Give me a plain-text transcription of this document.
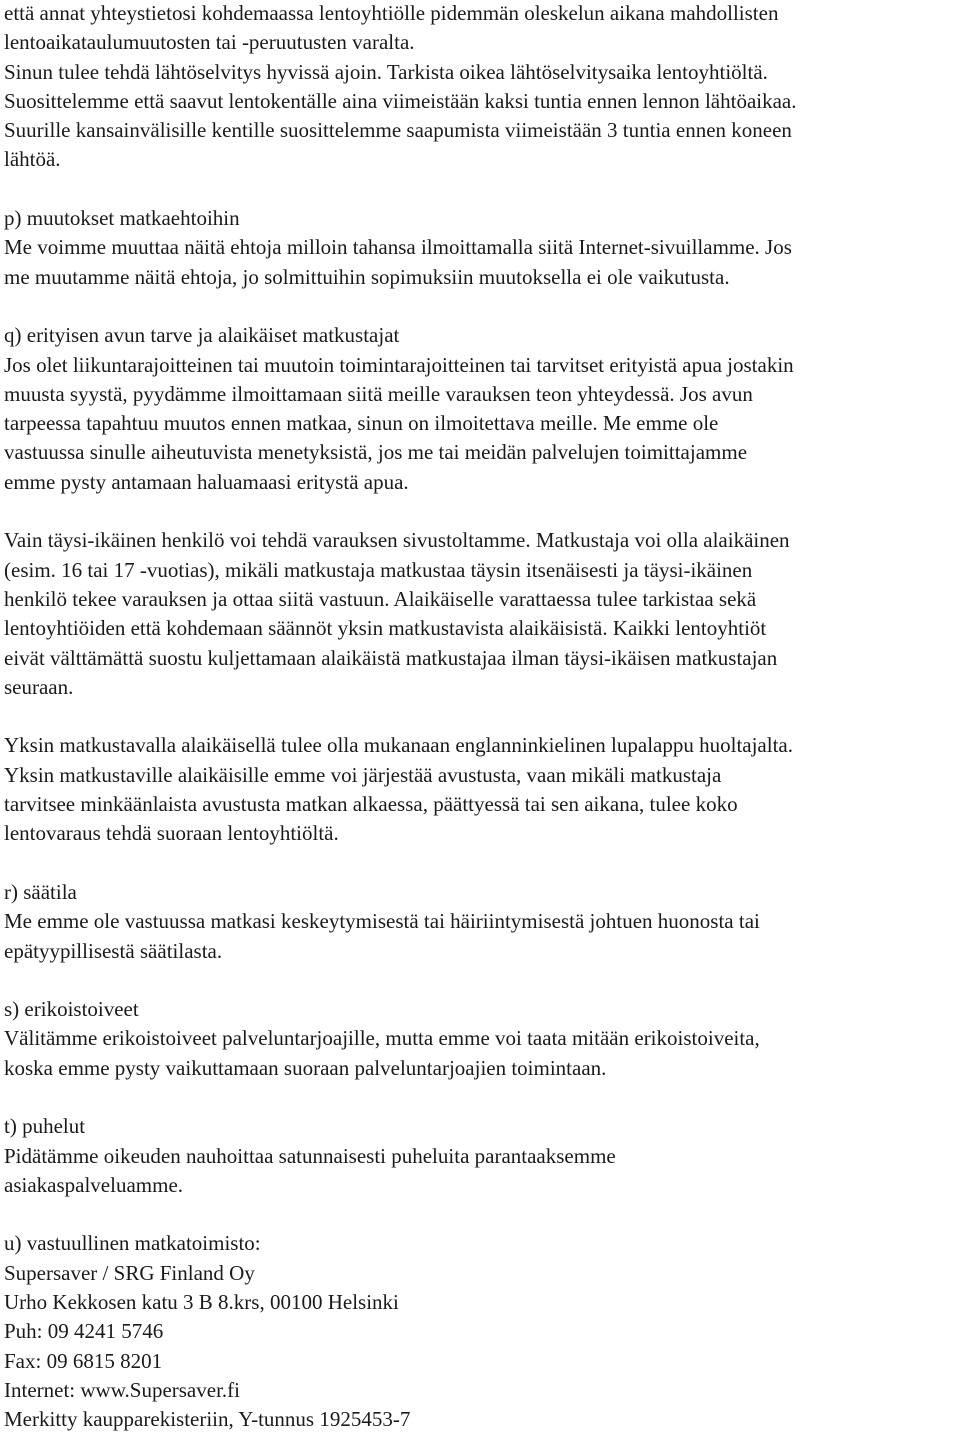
että annat yhteystietosi kohdemaassa lentoyhtiölle pidemmän oleskelun aikana mahdollisten
lentoaikataulumuutosten tai -peruutusten varalta.
Sinun tulee tehdä lähtöselvitys hyvissä ajoin. Tarkista oikea lähtöselvitysaika lentoyhtiöltä.
Suosittelemme että saavut lentokentälle aina viimeistään kaksi tuntia ennen lennon lähtöaikaa.
Suurille kansainvälisille kentille suosittelemme saapumista viimeistään 3 tuntia ennen koneen
lähtöä.

p) muutokset matkaehtoihin
Me voimme muuttaa näitä ehtoja milloin tahansa ilmoittamalla siitä Internet-sivuillamme. Jos
me muutamme näitä ehtoja, jo solmittuihin sopimuksiin muutoksella ei ole vaikutusta.

q) erityisen avun tarve ja alaikäiset matkustajat
Jos olet liikuntarajoitteinen tai muutoin toimintarajoitteinen tai tarvitset erityistä apua jostakin
muusta syystä, pyydämme ilmoittamaan siitä meille varauksen teon yhteydessä. Jos avun
tarpeessa tapahtuu muutos ennen matkaa, sinun on ilmoitettava meille. Me emme ole
vastuussa sinulle aiheutuvista menetyksistä, jos me tai meidän palvelujen toimittajamme
emme pysty antamaan haluamaasi eritystä apua.

Vain täysi-ikäinen henkilö voi tehdä varauksen sivustoltamme. Matkustaja voi olla alaikäinen
(esim. 16 tai 17 -vuotias), mikäli matkustaja matkustaa täysin itsenäisesti ja täysi-ikäinen
henkilö tekee varauksen ja ottaa siitä vastuun. Alaikäiselle varattaessa tulee tarkistaa sekä
lentoyhtiöiden että kohdemaan säännöt yksin matkustavista alaikäisistä. Kaikki lentoyhtiöt
eivät välttämättä suostu kuljettamaan alaikäistä matkustajaa ilman täysi-ikäisen matkustajan
seuraan.

Yksin matkustavalla alaikäisellä tulee olla mukanaan englanninkielinen lupalappu huoltajalta.
Yksin matkustaville alaikäisille emme voi järjestää avustusta, vaan mikäli matkustaja
tarvitsee minkäänlaista avustusta matkan alkaessa, päättyessä tai sen aikana, tulee koko
lentovaraus tehdä suoraan lentoyhtiöltä.

r) säätila
Me emme ole vastuussa matkasi keskeytymisestä tai häiriintymisestä johtuen huonosta tai
epätyypillisestä säätilasta.

s) erikoistoiveet
Välitämme erikoistoiveet palveluntarjoajille, mutta emme voi taata mitään erikoistoiveita,
koska emme pysty vaikuttamaan suoraan palveluntarjoajien toimintaan.

t) puhelut
Pidätämme oikeuden nauhoittaa satunnaisesti puheluita parantaaksemme
asiakaspalveluamme.

u) vastuullinen matkatoimisto:
Supersaver / SRG Finland Oy
Urho Kekkosen katu 3 B 8.krs, 00100 Helsinki
Puh: 09 4241 5746
Fax: 09 6815 8201
Internet: www.Supersaver.fi
Merkitty kaupparekisteriin, Y-tunnus 1925453-7
